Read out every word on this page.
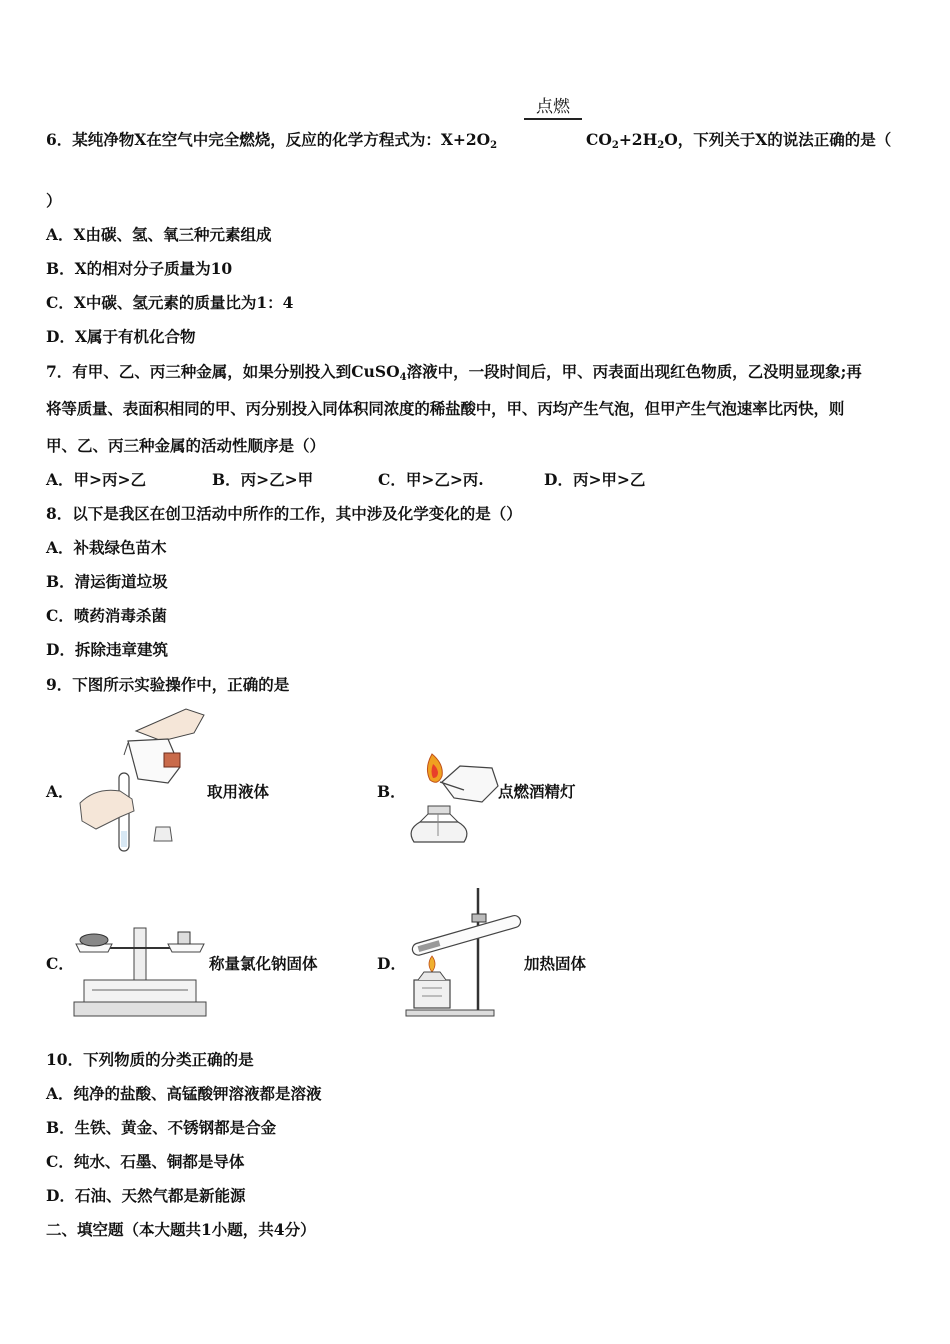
6．某纯净物X在空气中完全燃烧，反应的化学方程式为：$X+2O_2$
点燃
$CO_2+2H_2O$，下列关于X的说法正确的是（
）
A．X由碳、氢、氧三种元素组成
B．X的相对分子质量为10
C．X中碳、氢元素的质量比为1：4
D．X属于有机化合物
7．有甲、乙、丙三种金属，如果分别投入到CuSO$_4$溶液中，一段时间后，甲、丙表面出现红色物质，乙没明显现象;再
将等质量、表面积相同的甲、丙分别投入同体积同浓度的稀盐酸中，甲、丙均产生气泡，但甲产生气泡速率比丙快，则
甲、乙、丙三种金属的活动性顺序是（）
A．甲>丙>乙	B．丙>乙>甲	C．甲>乙>丙.	D．丙>甲>乙
8．以下是我区在创卫活动中所作的工作，其中涉及化学变化的是（）
A．补栽绿色苗木
B．清运街道垃圾
C．喷药消毒杀菌
D．拆除违章建筑
9．下图所示实验操作中，正确的是
A．	取用液体	B．	点燃酒精灯
C．	称量氯化钠固体	D．	加热固体
10．下列物质的分类正确的是
A．纯净的盐酸、高锰酸钾溶液都是溶液
B．生铁、黄金、不锈钢都是合金
C．纯水、石墨、铜都是导体
D．石油、天然气都是新能源
二、填空题（本大题共1小题，共4分）
